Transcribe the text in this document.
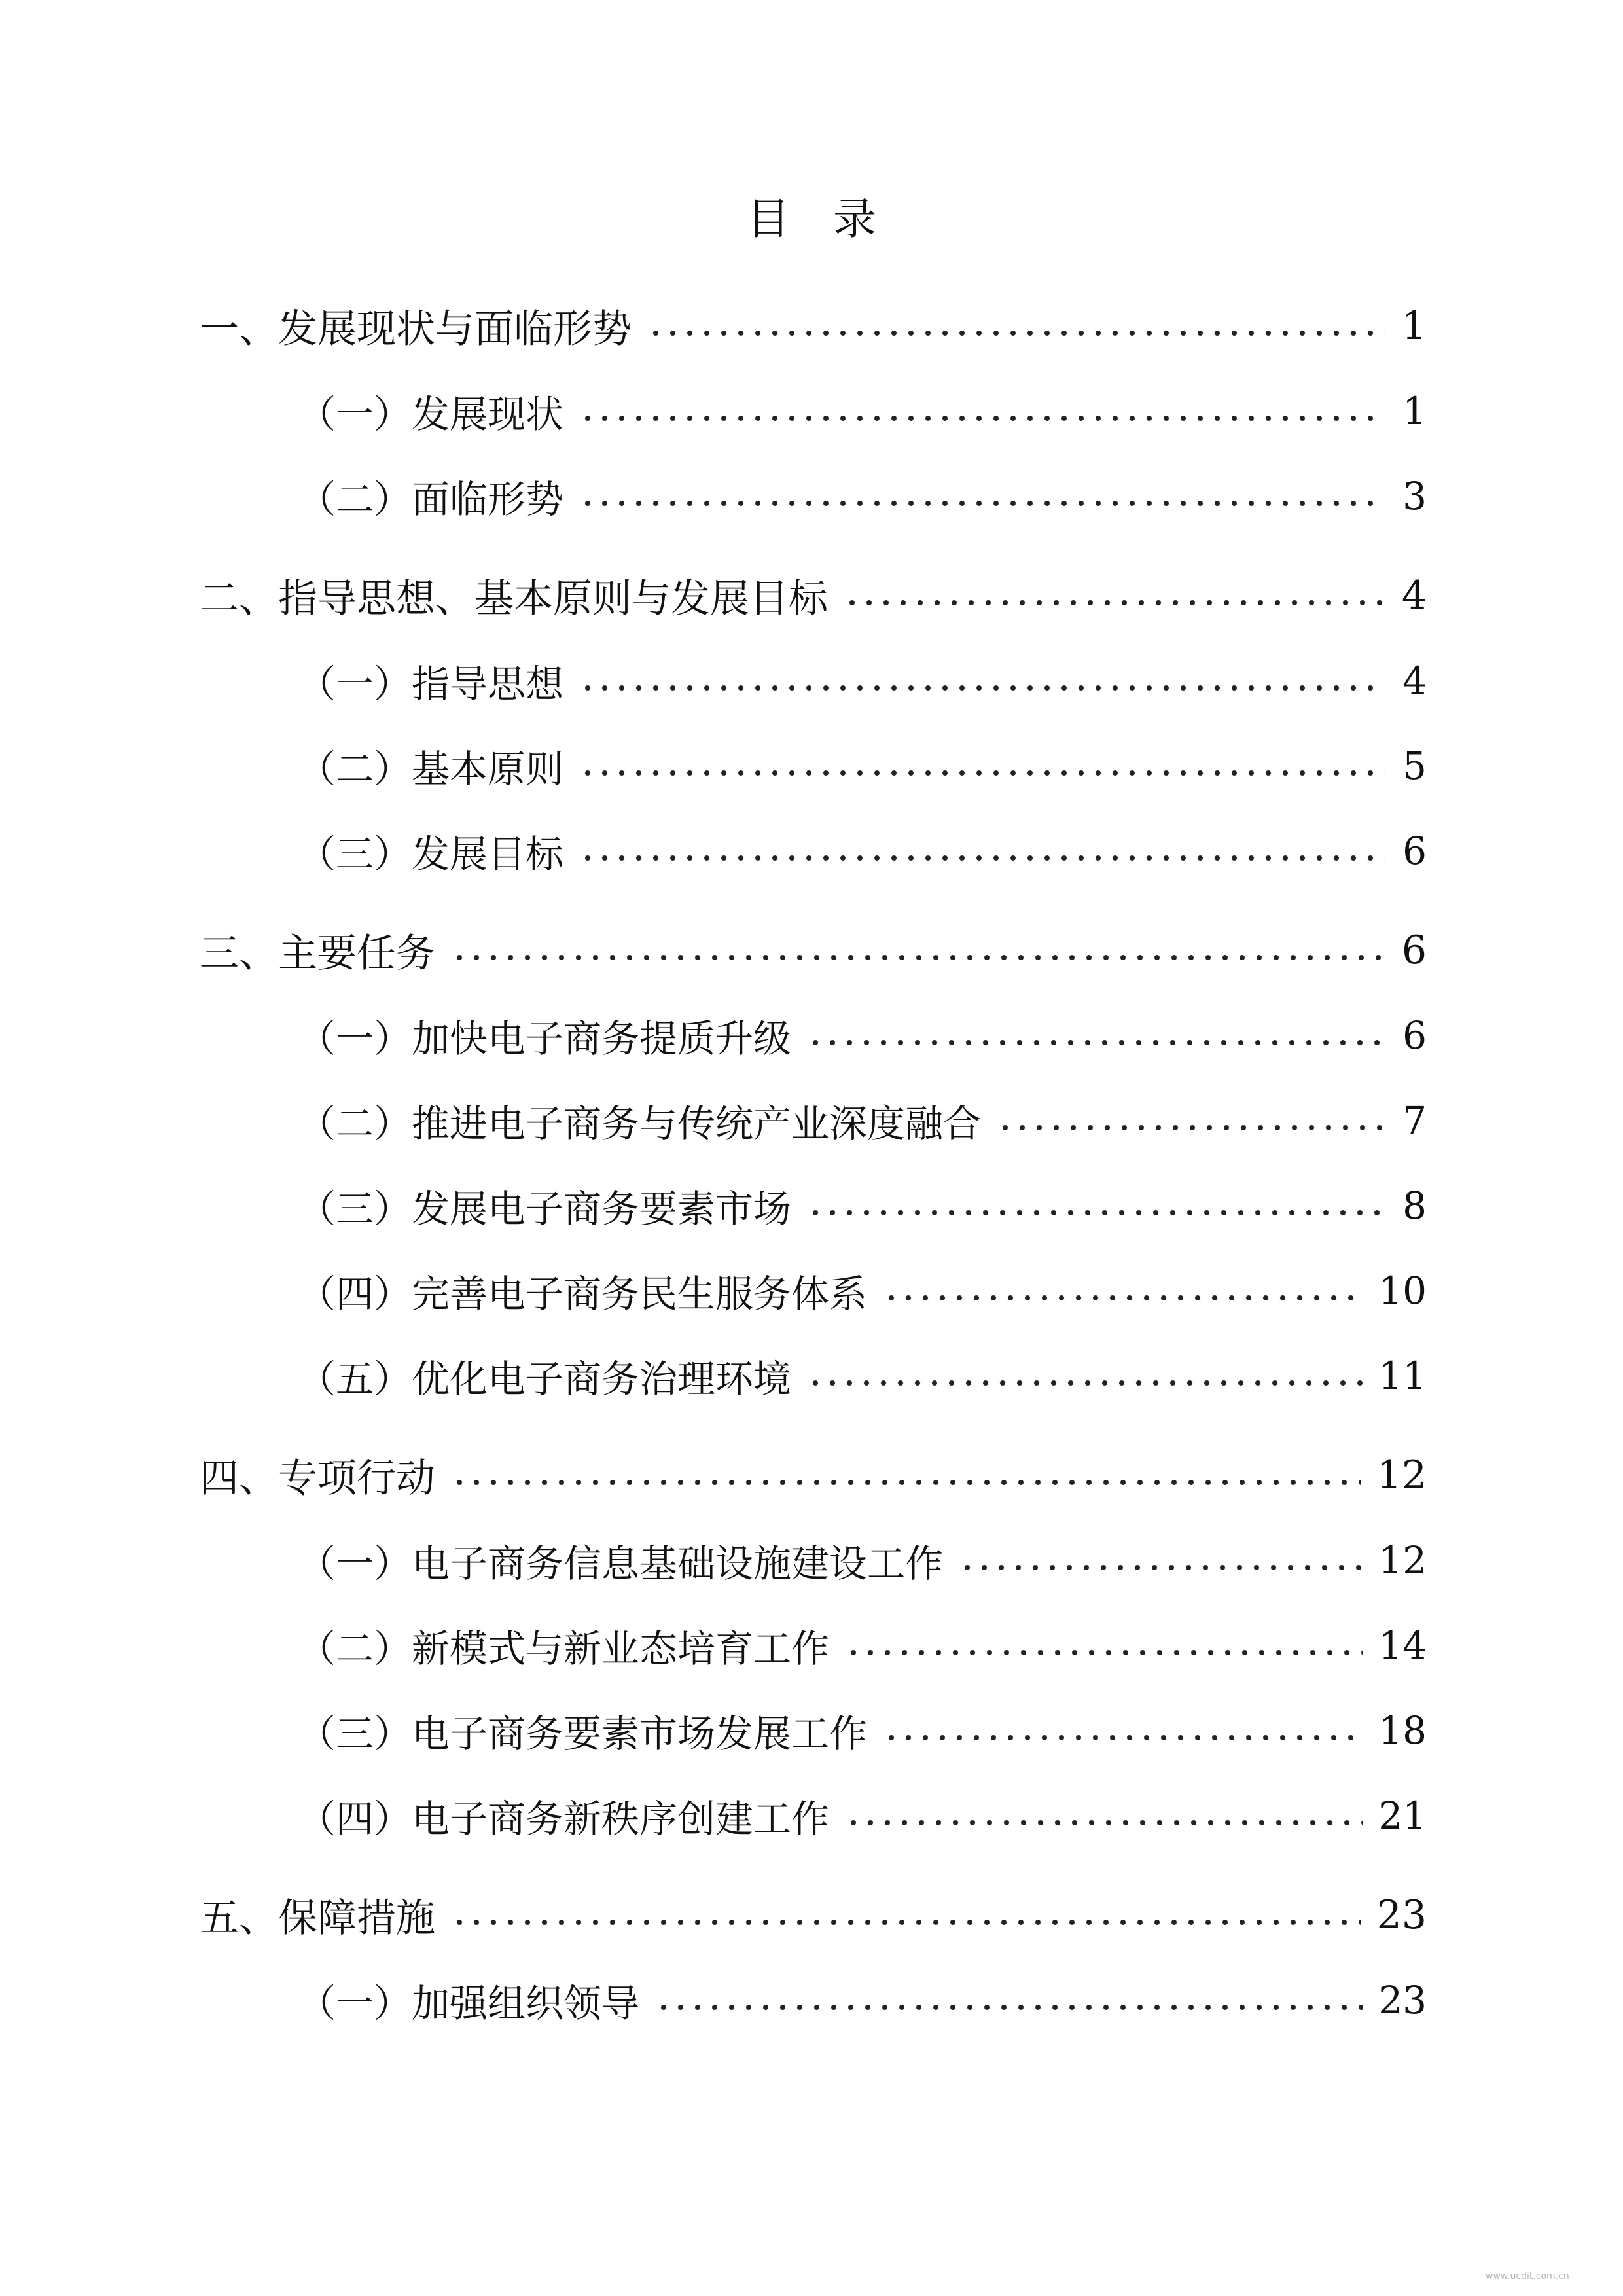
目　录
一、发展现状与面临形势	1
（一）发展现状	1
（二）面临形势	3
二、指导思想、基本原则与发展目标	4
（一）指导思想	4
（二）基本原则	5
（三）发展目标	6
三、主要任务	6
（一）加快电子商务提质升级	6
（二）推进电子商务与传统产业深度融合	7
（三）发展电子商务要素市场	8
（四）完善电子商务民生服务体系	10
（五）优化电子商务治理环境	11
四、专项行动	12
（一）电子商务信息基础设施建设工作	12
（二）新模式与新业态培育工作	14
（三）电子商务要素市场发展工作	18
（四）电子商务新秩序创建工作	21
五、保障措施	23
（一）加强组织领导	23
www.ucdit.com.cn
